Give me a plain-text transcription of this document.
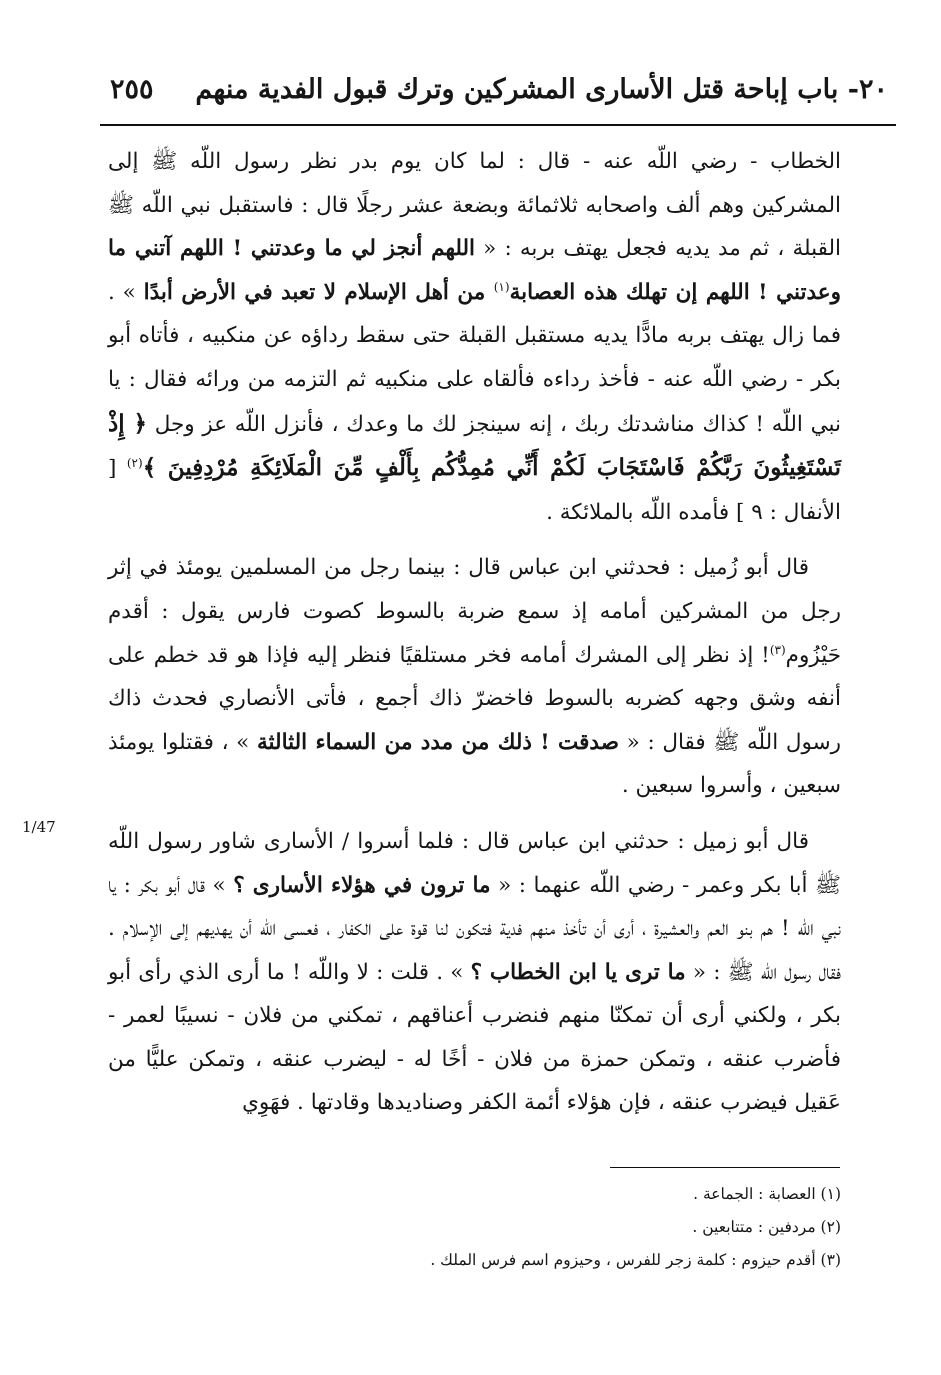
٢٠- باب إباحة قتل الأسارى المشركين وترك قبول الفدية منهم
٢٥٥
1/47

الخطاب - رضي اللّه عنه - قال : لما كان يوم بدر نظر رسول اللّه ﷺ إلى المشركين وهم ألف واصحابه ثلاثمائة وبضعة عشر رجلًا قال : فاستقبل نبي اللّه ﷺ القبلة ، ثم مد يديه فجعل يهتف بربه : « اللهم أنجز لي ما وعدتني ! اللهم آتني ما وعدتني ! اللهم إن تهلك هذه العصابة$^{(١)}$ من أهل الإسلام لا تعبد في الأرض أبدًا » . فما زال يهتف بربه مادًّا يديه مستقبل القبلة حتى سقط رداؤه عن منكبيه ، فأتاه أبو بكر - رضي اللّه عنه - فأخذ رداءه فألقاه على منكبيه ثم التزمه من ورائه فقال : يا نبي اللّه ! كذاك مناشدتك ربك ، إنه سينجز لك ما وعدك ، فأنزل اللّه عز وجل ﴿ إِذْ تَسْتَغِيثُونَ رَبَّكُمْ فَاسْتَجَابَ لَكُمْ أَنِّي مُمِدُّكُم بِأَلْفٍ مِّنَ الْمَلَائِكَةِ مُرْدِفِينَ ﴾$^{(٢)}$ [ الأنفال : ٩ ] فأمده اللّه بالملائكة .

قال أبو زُميل : فحدثني ابن عباس قال : بينما رجل من المسلمين يومئذ في إثر رجل من المشركين أمامه إذ سمع ضربة بالسوط كصوت فارس يقول : أقدم حَيْزُوم$^{(٣)}$! إذ نظر إلى المشرك أمامه فخر مستلقيًا فنظر إليه فإذا هو قد خطم على أنفه وشق وجهه كضربه بالسوط فاخضرّ ذاك أجمع ، فأتى الأنصاري فحدث ذاك رسول اللّه ﷺ فقال : « صدقت ! ذلك من مدد من السماء الثالثة » ، فقتلوا يومئذ سبعين ، وأسروا سبعين .

قال أبو زميل : حدثني ابن عباس قال : فلما أسروا / الأسارى شاور رسول اللّه ﷺ أبا بكر وعمر - رضي اللّه عنهما : « ما ترون في هؤلاء الأسارى ؟ » قال أبو بكر : يا نبي اللّه ! هم بنو العم والعشيرة ، أرى أن تأخذ منهم فدية فتكون لنا قوة على الكفار ، فعسى اللّه أن يهديهم إلى الإسلام . فقال رسول اللّه ﷺ : « ما ترى يا ابن الخطاب ؟ » . قلت : لا واللّه ! ما أرى الذي رأى أبو بكر ، ولكني أرى أن تمكنّا منهم فنضرب أعناقهم ، تمكني من فلان - نسيبًا لعمر - فأضرب عنقه ، وتمكن حمزة من فلان - أخًا له - ليضرب عنقه ، وتمكن عليًّا من عَقيل فيضرب عنقه ، فإن هؤلاء أئمة الكفر وصناديدها وقادتها . فهَوِي

(١) العصابة : الجماعة .

(٢) مردفين : متتابعين .

(٣) أقدم حيزوم : كلمة زجر للفرس ، وحيزوم اسم فرس الملك .
